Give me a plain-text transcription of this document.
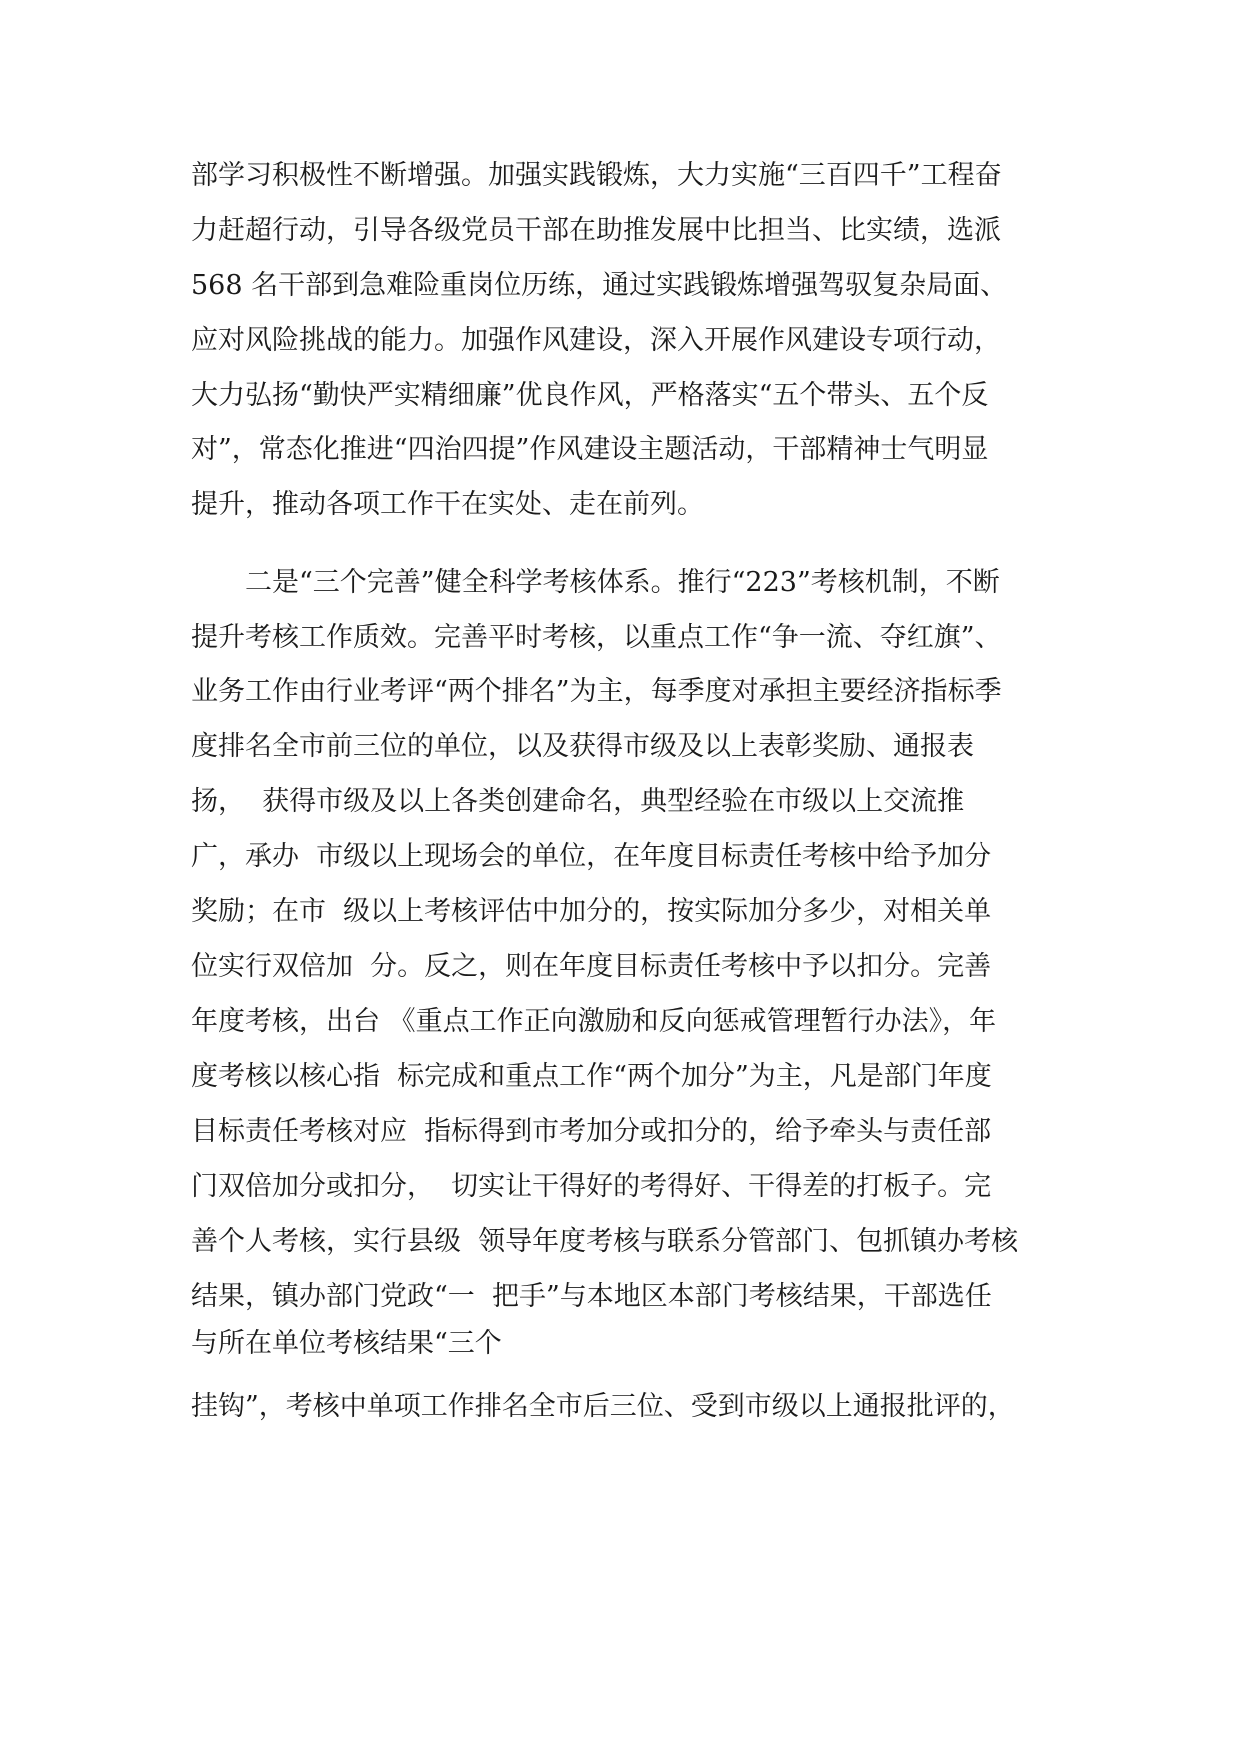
部学习积极性不断增强。加强实践锻炼，大力实施“三百四千”工程奋
力赶超行动，引导各级党员干部在助推发展中比担当、比实绩，选派
568 名干部到急难险重岗位历练，通过实践锻炼增强驾驭复杂局面、
应对风险挑战的能力。加强作风建设，深入开展作风建设专项行动，
大力弘扬“勤快严实精细廉”优良作风，严格落实“五个带头、五个反
对”，常态化推进“四治四提”作风建设主题活动，干部精神士气明显
提升，推动各项工作干在实处、走在前列。
　　二是“三个完善”健全科学考核体系。推行“223”考核机制，不断
提升考核工作质效。完善平时考核，以重点工作“争一流、夺红旗”、
业务工作由行业考评“两个排名”为主，每季度对承担主要经济指标季
度排名全市前三位的单位，以及获得市级及以上表彰奖励、通报表
扬，  获得市级及以上各类创建命名，典型经验在市级以上交流推
广，承办  市级以上现场会的单位，在年度目标责任考核中给予加分
奖励；在市  级以上考核评估中加分的，按实际加分多少，对相关单
位实行双倍加  分。反之，则在年度目标责任考核中予以扣分。完善
年度考核，出台 《重点工作正向激励和反向惩戒管理暂行办法》，年
度考核以核心指  标完成和重点工作“两个加分”为主，凡是部门年度
目标责任考核对应  指标得到市考加分或扣分的，给予牵头与责任部
门双倍加分或扣分，  切实让干得好的考得好、干得差的打板子。完
善个人考核，实行县级  领导年度考核与联系分管部门、包抓镇办考核
结果，镇办部门党政“一  把手”与本地区本部门考核结果，干部选任
与所在单位考核结果“三个
挂钩”，考核中单项工作排名全市后三位、受到市级以上通报批评的，
